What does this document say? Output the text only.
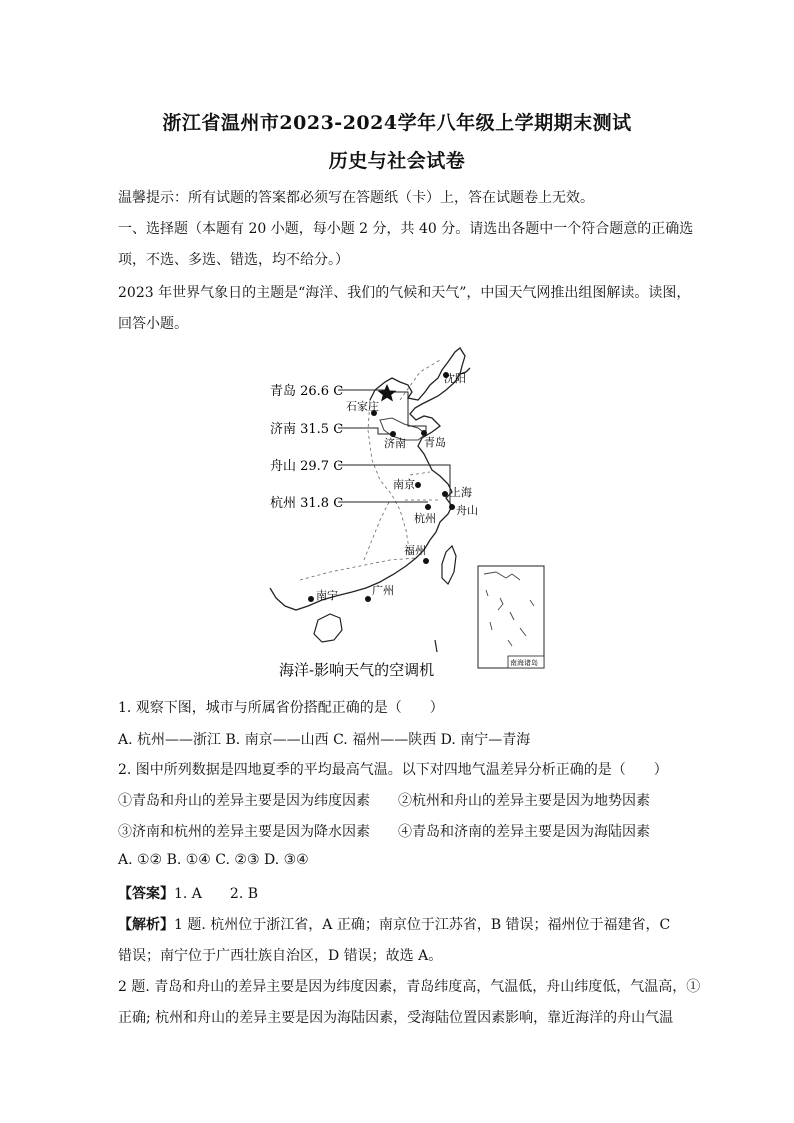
浙江省温州市2023-2024学年八年级上学期期末测试
历史与社会试卷
温馨提示：所有试题的答案都必须写在答题纸（卡）上，答在试题卷上无效。
一、选择题（本题有 20 小题，每小题 2 分，共 40 分。请选出各题中一个符合题意的正确选
项，不选、多选、错选，均不给分。）
2023 年世界气象日的主题是“海洋、我们的气候和天气”，中国天气网推出组图解读。读图，
回答小题。
青岛 26.6 C
济南 31.5 C
舟山 29.7 C
杭州 31.8 C
沈阳
石家庄
济南 青岛
南京
上海
杭州
舟山
福州
广州
南宁
南海诸岛
海洋-影响天气的空调机
1. 观察下图，城市与所属省份搭配正确的是（　　）
A. 杭州——浙江 B. 南京——山西 C. 福州——陕西 D. 南宁—青海
2. 图中所列数据是四地夏季的平均最高气温。以下对四地气温差异分析正确的是（　　）
①青岛和舟山的差异主要是因为纬度因素 ②杭州和舟山的差异主要是因为地势因素
③济南和杭州的差异主要是因为降水因素 ④青岛和济南的差异主要是因为海陆因素
A. ①② B. ①④ C. ②③ D. ③④
【答案】1. A　　2. B
【解析】1 题. 杭州位于浙江省，A 正确；南京位于江苏省，B 错误；福州位于福建省，C
错误；南宁位于广西壮族自治区，D 错误；故选 A。
2 题. 青岛和舟山的差异主要是因为纬度因素，青岛纬度高，气温低，舟山纬度低，气温高，①
正确; 杭州和舟山的差异主要是因为海陆因素，受海陆位置因素影响，靠近海洋的舟山气温
